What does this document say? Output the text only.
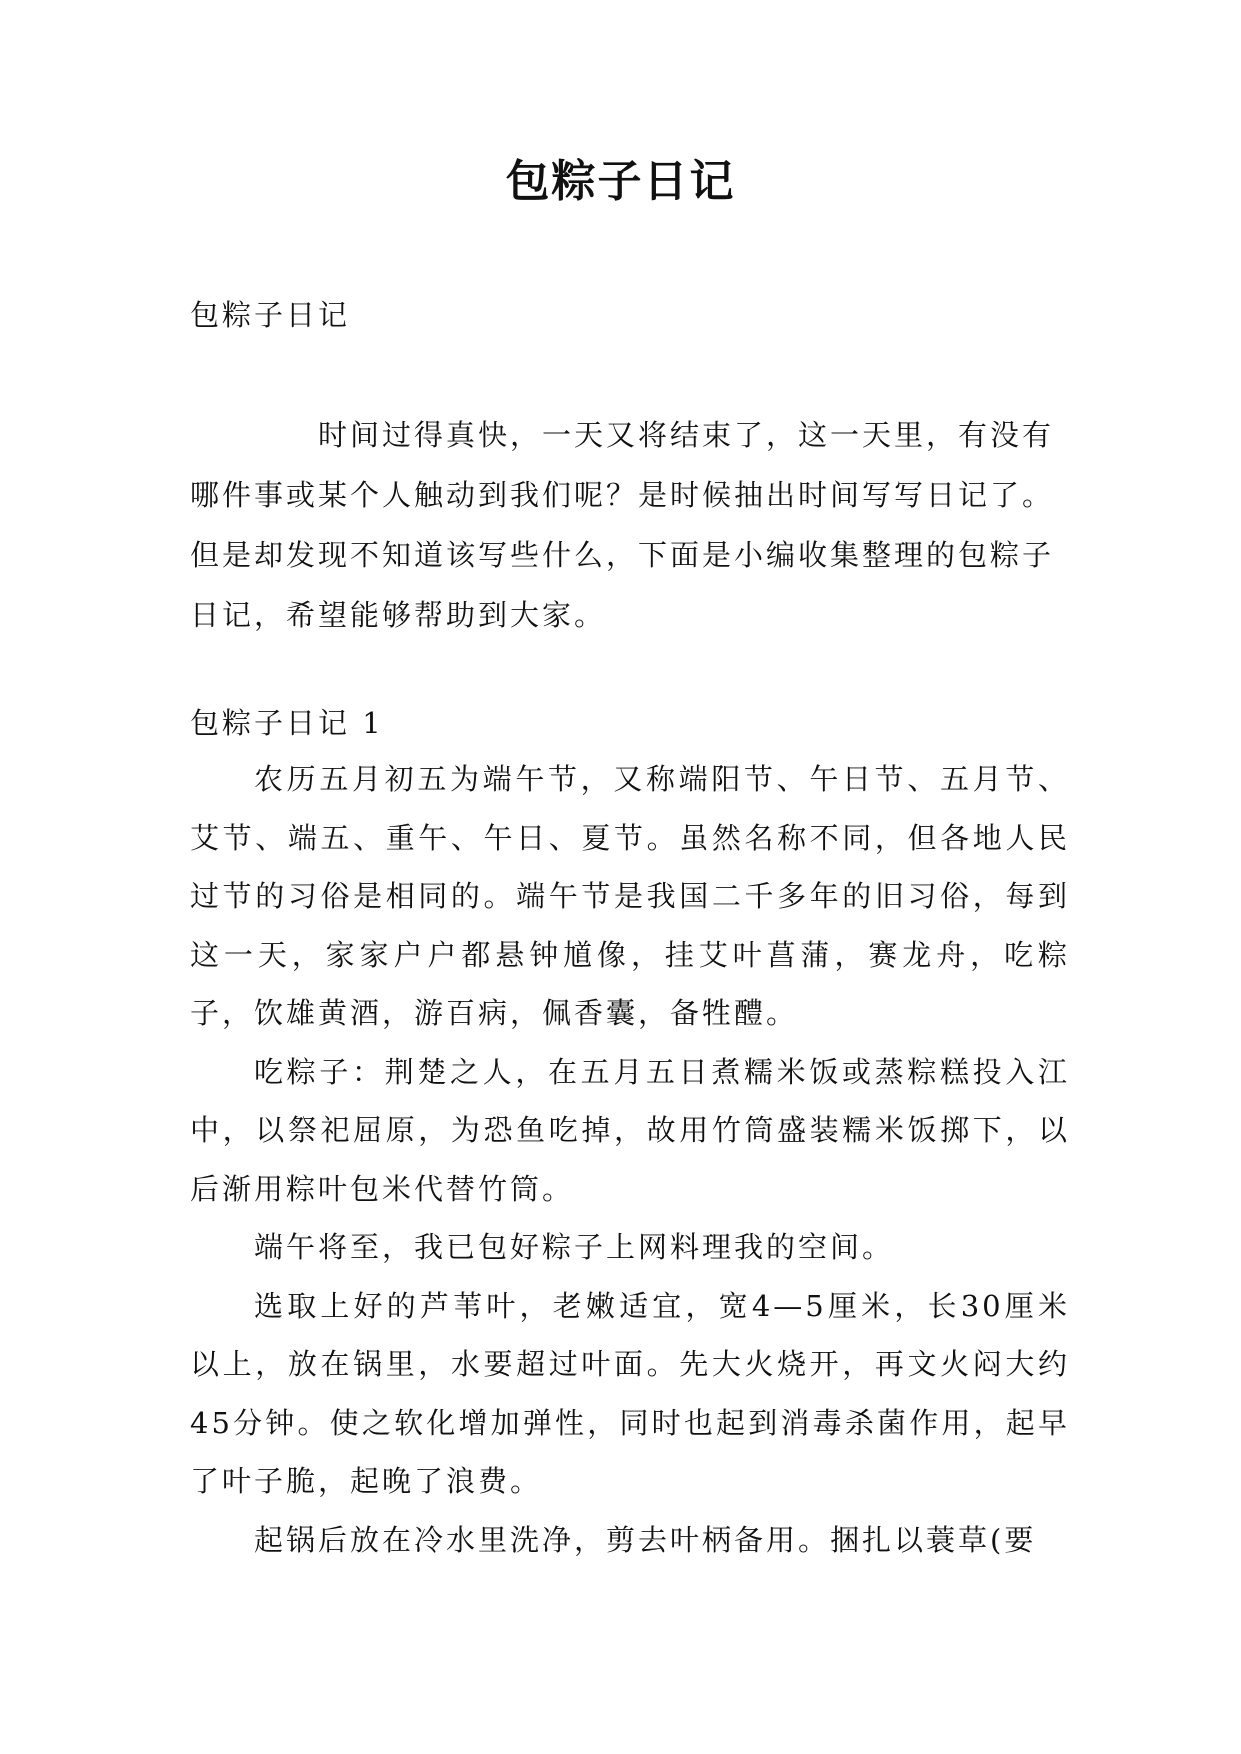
包粽子日记

包粽子日记

时间过得真快，一天又将结束了，这一天里，有没有哪件事或某个人触动到我们呢？是时候抽出时间写写日记了。但是却发现不知道该写些什么，下面是小编收集整理的包粽子日记，希望能够帮助到大家。

包粽子日记 1

农历五月初五为端午节，又称端阳节、午日节、五月节、艾节、端五、重午、午日、夏节。虽然名称不同，但各地人民过节的习俗是相同的。端午节是我国二千多年的旧习俗，每到这一天，家家户户都悬钟馗像，挂艾叶菖蒲，赛龙舟，吃粽子，饮雄黄酒，游百病，佩香囊，备牲醴。

吃粽子：荆楚之人，在五月五日煮糯米饭或蒸粽糕投入江中，以祭祀屈原，为恐鱼吃掉，故用竹筒盛装糯米饭掷下，以后渐用粽叶包米代替竹筒。

端午将至，我已包好粽子上网料理我的空间。

选取上好的芦苇叶，老嫩适宜，宽4—5厘米，长30厘米以上，放在锅里，水要超过叶面。先大火烧开，再文火闷大约45分钟。使之软化增加弹性，同时也起到消毒杀菌作用，起早了叶子脆，起晚了浪费。

起锅后放在冷水里洗净，剪去叶柄备用。捆扎以蓑草(要
